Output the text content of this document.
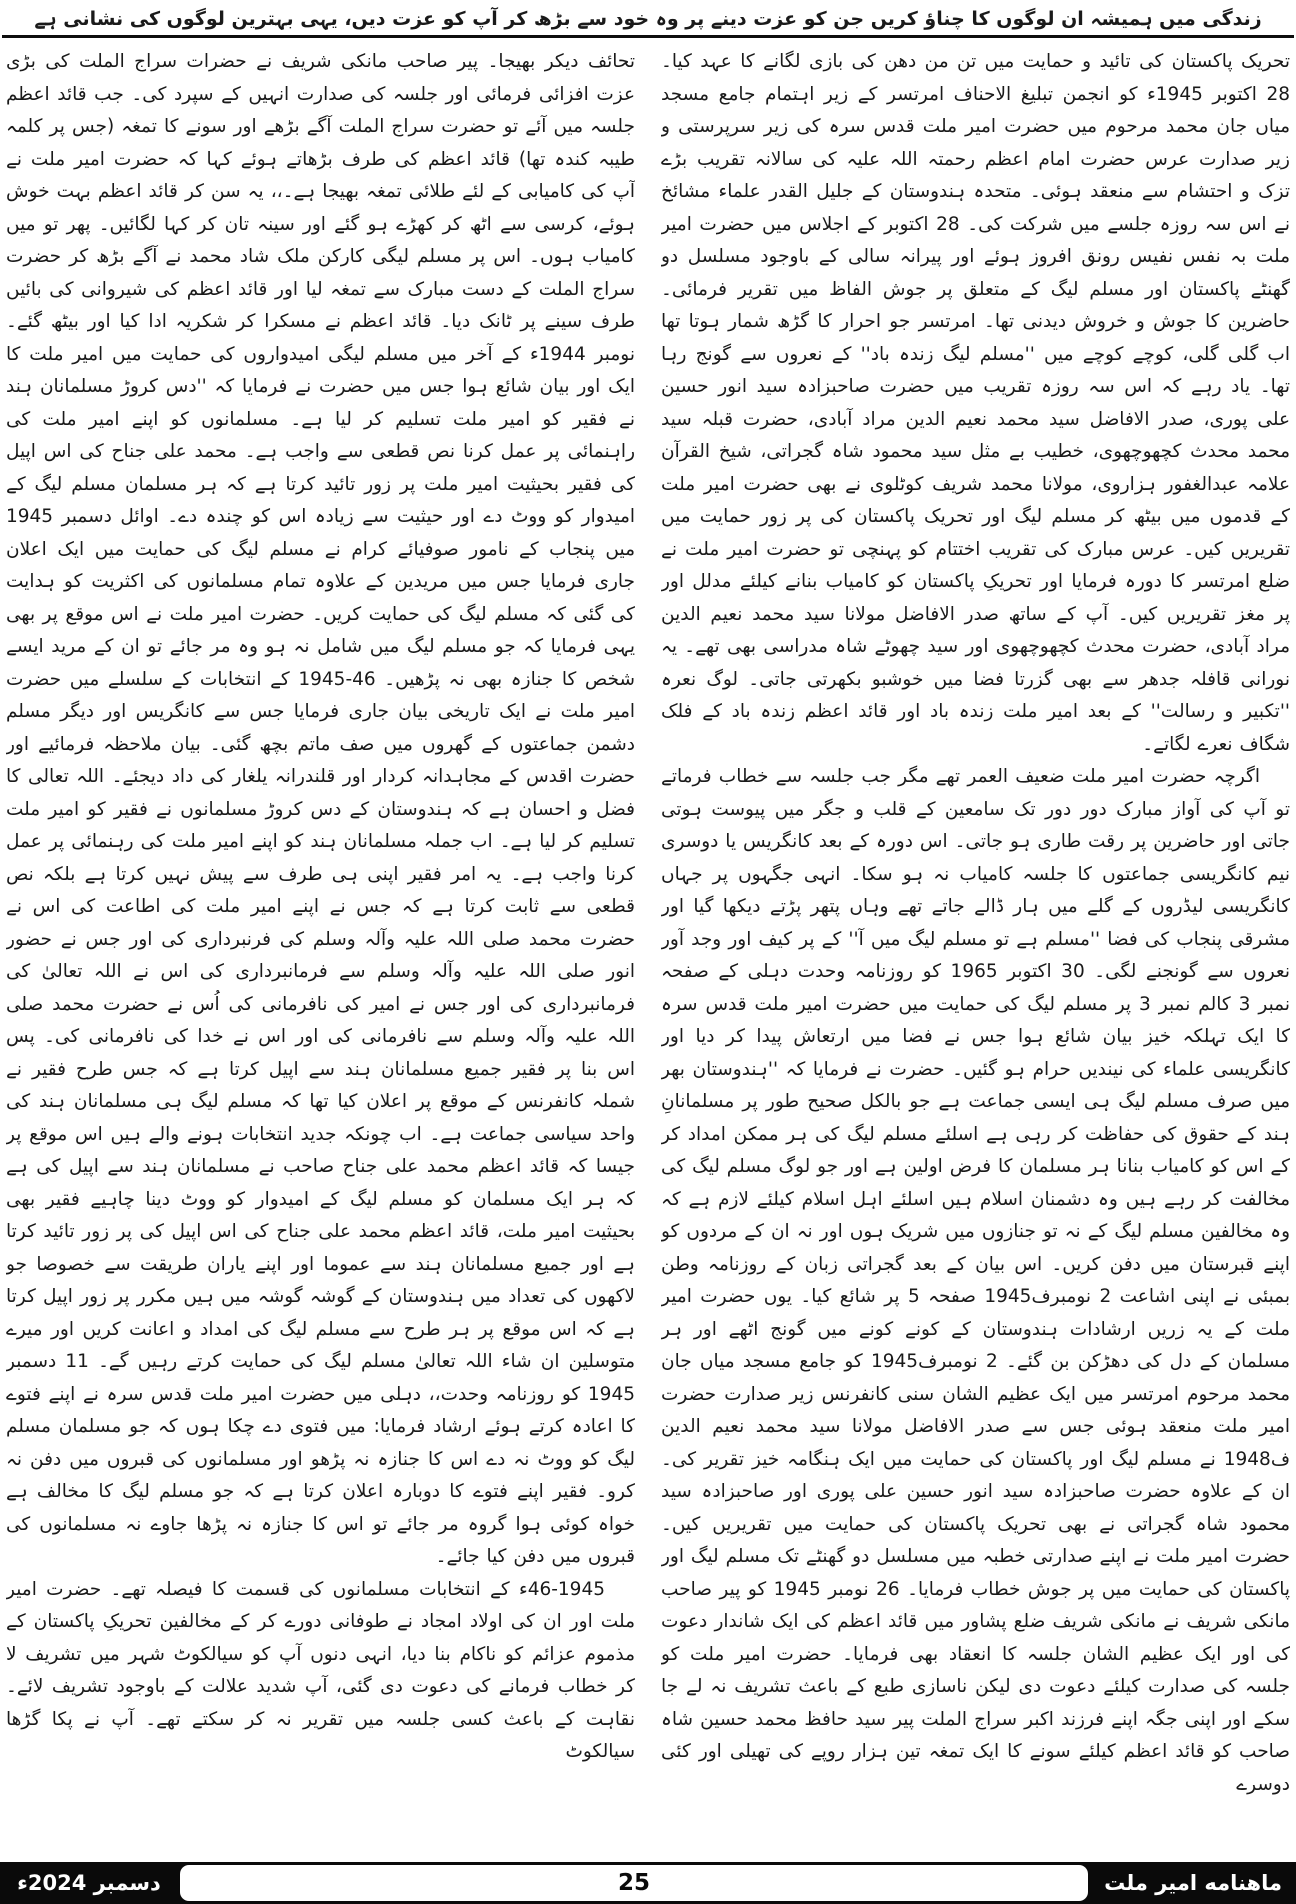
زندگی میں ہمیشہ ان لوگوں کا چناؤ کریں جن کو عزت دینے پر وہ خود سے بڑھ کر آپ کو عزت دیں، یہی بہترین لوگوں کی نشانی ہے

تحریک پاکستان کی تائید و حمایت میں تن من دھن کی بازی لگانے کا عہد کیا۔ 28 اکتوبر 1945ء کو انجمن تبلیغ الاحناف امرتسر کے زیر اہتمام جامع مسجد میاں جان محمد مرحوم میں حضرت امیر ملت قدس سرہ کی زیر سرپرستی و زیر صدارت عرس حضرت امام اعظم رحمتہ اللہ علیہ کی سالانہ تقریب بڑے تزک و احتشام سے منعقد ہوئی۔ متحدہ ہندوستان کے جلیل القدر علماء مشائخ نے اس سہ روزہ جلسے میں شرکت کی۔ 28 اکتوبر کے اجلاس میں حضرت امیر ملت بہ نفس نفیس رونق افروز ہوئے اور پیرانہ سالی کے باوجود مسلسل دو گھنٹے پاکستان اور مسلم لیگ کے متعلق پر جوش الفاظ میں تقریر فرمائی۔ حاضرین کا جوش و خروش دیدنی تھا۔ امرتسر جو احرار کا گڑھ شمار ہوتا تھا اب گلی گلی، کوچے کوچے میں ''مسلم لیگ زندہ باد'' کے نعروں سے گونج رہا تھا۔ یاد رہے کہ اس سہ روزہ تقریب میں حضرت صاحبزادہ سید انور حسین علی پوری، صدر الافاضل سید محمد نعیم الدین مراد آبادی، حضرت قبلہ سید محمد محدث کچھوچھوی، خطیب بے مثل سید محمود شاہ گجراتی، شیخ القرآن علامہ عبدالغفور ہزاروی، مولانا محمد شریف کوٹلوی نے بھی حضرت امیر ملت کے قدموں میں بیٹھ کر مسلم لیگ اور تحریک پاکستان کی پر زور حمایت میں تقریریں کیں۔ عرس مبارک کی تقریب اختتام کو پہنچی تو حضرت امیر ملت نے ضلع امرتسر کا دورہ فرمایا اور تحریکِ پاکستان کو کامیاب بنانے کیلئے مدلل اور پر مغز تقریریں کیں۔ آپ کے ساتھ صدر الافاضل مولانا سید محمد نعیم الدین مراد آبادی، حضرت محدث کچھوچھوی اور سید چھوٹے شاہ مدراسی بھی تھے۔ یہ نورانی قافلہ جدھر سے بھی گزرتا فضا میں خوشبو بکھرتی جاتی۔ لوگ نعرہ ''تکبیر و رسالت'' کے بعد امیر ملت زندہ باد اور قائد اعظم زندہ باد کے فلک شگاف نعرے لگاتے۔

اگرچہ حضرت امیر ملت ضعیف العمر تھے مگر جب جلسہ سے خطاب فرماتے تو آپ کی آواز مبارک دور دور تک سامعین کے قلب و جگر میں پیوست ہوتی جاتی اور حاضرین پر رقت طاری ہو جاتی۔ اس دورہ کے بعد کانگریس یا دوسری نیم کانگریسی جماعتوں کا جلسہ کامیاب نہ ہو سکا۔ انہی جگہوں پر جہاں کانگریسی لیڈروں کے گلے میں ہار ڈالے جاتے تھے وہاں پتھر پڑتے دیکھا گیا اور مشرقی پنجاب کی فضا ''مسلم ہے تو مسلم لیگ میں آ'' کے پر کیف اور وجد آور نعروں سے گونجنے لگی۔ 30 اکتوبر 1965 کو روزنامہ وحدت دہلی کے صفحہ نمبر 3 کالم نمبر 3 پر مسلم لیگ کی حمایت میں حضرت امیر ملت قدس سرہ کا ایک تہلکہ خیز بیان شائع ہوا جس نے فضا میں ارتعاش پیدا کر دیا اور کانگریسی علماء کی نیندیں حرام ہو گئیں۔ حضرت نے فرمایا کہ ''ہندوستان بھر میں صرف مسلم لیگ ہی ایسی جماعت ہے جو بالکل صحیح طور پر مسلمانانِ ہند کے حقوق کی حفاظت کر رہی ہے اسلئے مسلم لیگ کی ہر ممکن امداد کر کے اس کو کامیاب بنانا ہر مسلمان کا فرض اولین ہے اور جو لوگ مسلم لیگ کی مخالفت کر رہے ہیں وہ دشمنان اسلام ہیں اسلئے اہل اسلام کیلئے لازم ہے کہ وہ مخالفین مسلم لیگ کے نہ تو جنازوں میں شریک ہوں اور نہ ان کے مردوں کو اپنے قبرستان میں دفن کریں۔ اس بیان کے بعد گجراتی زبان کے روزنامہ وطن بمبئی نے اپنی اشاعت 2 نومبرف1945 صفحہ 5 پر شائع کیا۔ یوں حضرت امیر ملت کے یہ زریں ارشادات ہندوستان کے کونے کونے میں گونج اٹھے اور ہر مسلمان کے دل کی دھڑکن بن گئے۔ 2 نومبرف1945 کو جامع مسجد میاں جان محمد مرحوم امرتسر میں ایک عظیم الشان سنی کانفرنس زیر صدارت حضرت امیر ملت منعقد ہوئی جس سے صدر الافاضل مولانا سید محمد نعیم الدین ف1948 نے مسلم لیگ اور پاکستان کی حمایت میں ایک ہنگامہ خیز تقریر کی۔ ان کے علاوہ حضرت صاحبزادہ سید انور حسین علی پوری اور صاحبزادہ سید محمود شاہ گجراتی نے بھی تحریک پاکستان کی حمایت میں تقریریں کیں۔ حضرت امیر ملت نے اپنے صدارتی خطبہ میں مسلسل دو گھنٹے تک مسلم لیگ اور پاکستان کی حمایت میں پر جوش خطاب فرمایا۔ 26 نومبر 1945 کو پیر صاحب مانکی شریف نے مانکی شریف ضلع پشاور میں قائد اعظم کی ایک شاندار دعوت کی اور ایک عظیم الشان جلسہ کا انعقاد بھی فرمایا۔ حضرت امیر ملت کو جلسہ کی صدارت کیلئے دعوت دی لیکن ناسازی طبع کے باعث تشریف نہ لے جا سکے اور اپنی جگہ اپنے فرزند اکبر سراج الملت پیر سید حافظ محمد حسین شاہ صاحب کو قائد اعظم کیلئے سونے کا ایک تمغہ تین ہزار روپے کی تھیلی اور کئی دوسرے

تحائف دیکر بھیجا۔ پیر صاحب مانکی شریف نے حضرات سراج الملت کی بڑی عزت افزائی فرمائی اور جلسہ کی صدارت انہیں کے سپرد کی۔ جب قائد اعظم جلسہ میں آئے تو حضرت سراج الملت آگے بڑھے اور سونے کا تمغہ (جس پر کلمہ طیبہ کندہ تھا) قائد اعظم کی طرف بڑھاتے ہوئے کہا کہ حضرت امیر ملت نے آپ کی کامیابی کے لئے طلائی تمغہ بھیجا ہے۔،، یہ سن کر قائد اعظم بہت خوش ہوئے، کرسی سے اٹھ کر کھڑے ہو گئے اور سینہ تان کر کہا لگائیں۔ پھر تو میں کامیاب ہوں۔ اس پر مسلم لیگی کارکن ملک شاد محمد نے آگے بڑھ کر حضرت سراج الملت کے دست مبارک سے تمغہ لیا اور قائد اعظم کی شیروانی کی بائیں طرف سینے پر ٹانک دیا۔ قائد اعظم نے مسکرا کر شکریہ ادا کیا اور بیٹھ گئے۔ نومبر 1944ء کے آخر میں مسلم لیگی امیدواروں کی حمایت میں امیر ملت کا ایک اور بیان شائع ہوا جس میں حضرت نے فرمایا کہ ''دس کروڑ مسلمانان ہند نے فقیر کو امیر ملت تسلیم کر لیا ہے۔ مسلمانوں کو اپنے امیر ملت کی راہنمائی پر عمل کرنا نص قطعی سے واجب ہے۔ محمد علی جناح کی اس اپیل کی فقیر بحیثیت امیر ملت پر زور تائید کرتا ہے کہ ہر مسلمان مسلم لیگ کے امیدوار کو ووٹ دے اور حیثیت سے زیادہ اس کو چندہ دے۔ اوائل دسمبر 1945 میں پنجاب کے نامور صوفیائے کرام نے مسلم لیگ کی حمایت میں ایک اعلان جاری فرمایا جس میں مریدین کے علاوہ تمام مسلمانوں کی اکثریت کو ہدایت کی گئی کہ مسلم لیگ کی حمایت کریں۔ حضرت امیر ملت نے اس موقع پر بھی یہی فرمایا کہ جو مسلم لیگ میں شامل نہ ہو وہ مر جائے تو ان کے مرید ایسے شخص کا جنازہ بھی نہ پڑھیں۔ 46-1945 کے انتخابات کے سلسلے میں حضرت امیر ملت نے ایک تاریخی بیان جاری فرمایا جس سے کانگریس اور دیگر مسلم دشمن جماعتوں کے گھروں میں صف ماتم بچھ گئی۔ بیان ملاحظہ فرمائیے اور حضرت اقدس کے مجاہدانہ کردار اور قلندرانہ یلغار کی داد دیجئے۔ اللہ تعالی کا فضل و احسان ہے کہ ہندوستان کے دس کروڑ مسلمانوں نے فقیر کو امیر ملت تسلیم کر لیا ہے۔ اب جملہ مسلمانان ہند کو اپنے امیر ملت کی رہنمائی پر عمل کرنا واجب ہے۔ یہ امر فقیر اپنی ہی طرف سے پیش نہیں کرتا ہے بلکہ نص قطعی سے ثابت کرتا ہے کہ جس نے اپنے امیر ملت کی اطاعت کی اس نے حضرت محمد صلی اللہ علیہ وآلہ وسلم کی فرنبرداری کی اور جس نے حضور انور صلی اللہ علیہ وآلہ وسلم سے فرمانبرداری کی اس نے اللہ تعالیٰ کی فرمانبرداری کی اور جس نے امیر کی نافرمانی کی اُس نے حضرت محمد صلی اللہ علیہ وآلہ وسلم سے نافرمانی کی اور اس نے خدا کی نافرمانی کی۔ پس اس بنا پر فقیر جمیع مسلمانان ہند سے اپیل کرتا ہے کہ جس طرح فقیر نے شملہ کانفرنس کے موقع پر اعلان کیا تھا کہ مسلم لیگ ہی مسلمانان ہند کی واحد سیاسی جماعت ہے۔ اب چونکہ جدید انتخابات ہونے والے ہیں اس موقع پر جیسا کہ قائد اعظم محمد علی جناح صاحب نے مسلمانان ہند سے اپیل کی ہے کہ ہر ایک مسلمان کو مسلم لیگ کے امیدوار کو ووٹ دینا چاہیے فقیر بھی بحیثیت امیر ملت، قائد اعظم محمد علی جناح کی اس اپیل کی پر زور تائید کرتا ہے اور جمیع مسلمانان ہند سے عموما اور اپنے یاران طریقت سے خصوصا جو لاکھوں کی تعداد میں ہندوستان کے گوشہ گوشہ میں ہیں مکرر پر زور اپیل کرتا ہے کہ اس موقع پر ہر طرح سے مسلم لیگ کی امداد و اعانت کریں اور میرے متوسلین ان شاء اللہ تعالیٰ مسلم لیگ کی حمایت کرتے رہیں گے۔ 11 دسمبر 1945 کو روزنامہ وحدت،، دہلی میں حضرت امیر ملت قدس سرہ نے اپنے فتوے کا اعادہ کرتے ہوئے ارشاد فرمایا: میں فتوی دے چکا ہوں کہ جو مسلمان مسلم لیگ کو ووٹ نہ دے اس کا جنازہ نہ پڑھو اور مسلمانوں کی قبروں میں دفن نہ کرو۔ فقیر اپنے فتوے کا دوبارہ اعلان کرتا ہے کہ جو مسلم لیگ کا مخالف ہے خواہ کوئی ہوا گروہ مر جائے تو اس کا جنازہ نہ پڑھا جاوے نہ مسلمانوں کی قبروں میں دفن کیا جائے۔

46-1945ء کے انتخابات مسلمانوں کی قسمت کا فیصلہ تھے۔ حضرت امیر ملت اور ان کی اولاد امجاد نے طوفانی دورے کر کے مخالفین تحریکِ پاکستان کے مذموم عزائم کو ناکام بنا دیا، انہی دنوں آپ کو سیالکوٹ شہر میں تشریف لا کر خطاب فرمانے کی دعوت دی گئی، آپ شدید علالت کے باوجود تشریف لائے۔ نقاہت کے باعث کسی جلسہ میں تقریر نہ کر سکتے تھے۔ آپ نے پکا گڑھا سیالکوٹ

ماهنامه امير ملت
25
دسمبر 2024ء
